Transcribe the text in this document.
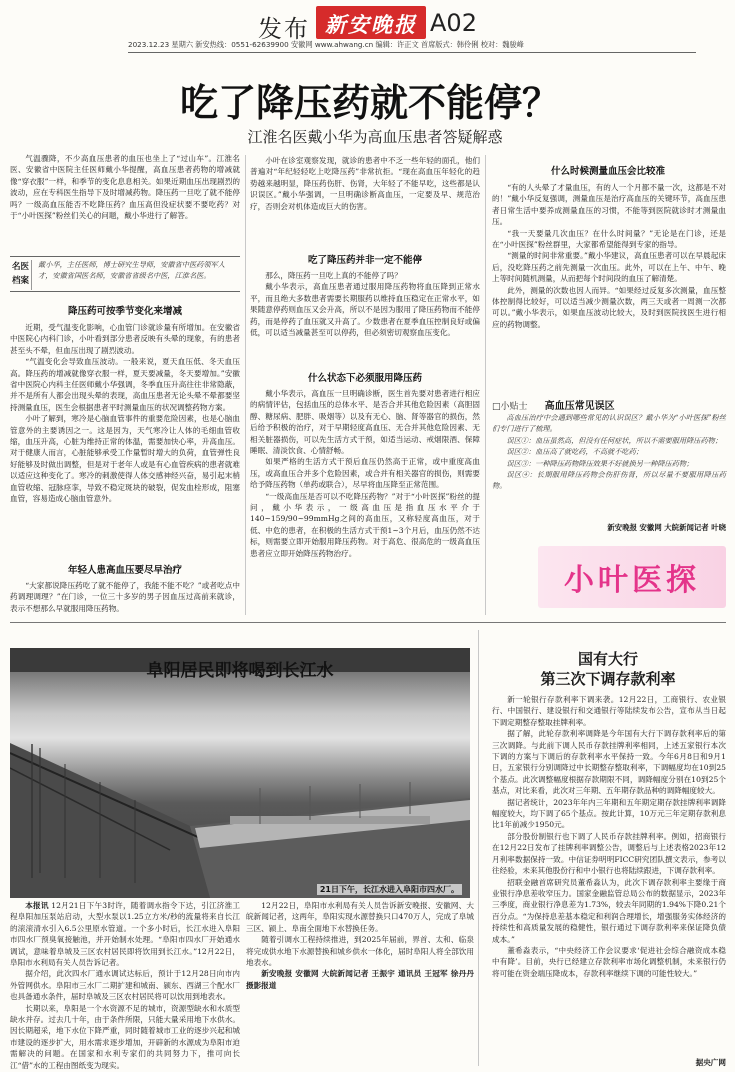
发布 新安晚报 A02
2023.12.23 星期六 新安热线：0551-62639900 安徽网 www.ahwang.cn 编辑：许正文 首席版式：韩伶俐 校对：魏骏峰
吃了降压药就不能停？
江淮名医戴小华为高血压患者答疑解惑

气温骤降，不少高血压患者的血压也坐上了“过山车”。江淮名医、安徽省中医院主任医师戴小华提醒，高血压患者药物的增减就像“穿衣服”一样，和季节的变化息息相关。如果近期血压出现剧烈的波动，应在专科医生指导下及时增减药物。降压药一旦吃了就不能停吗？一级高血压能否不吃降压药？血压高但没症状要不要吃药？对于“小叶医探”粉丝们关心的问题，戴小华进行了解答。

名医
档案
戴小华，主任医师，博士研究生导师，安徽省中医药领军人才，安徽省国医名师，安徽省省级名中医，江淮名医。
降压药可按季节变化来增减

近期，受气温变化影响，心血管门诊就诊量有所增加。在安徽省中医院心内科门诊，小叶看到部分患者反映有头晕的现象，有的患者甚至头不晕，但血压出现了剧烈波动。

“气温变化会导致血压波动。一般来说，夏天血压低、冬天血压高。降压药的增减就像穿衣服一样，夏天要减量，冬天要增加。”安徽省中医院心内科主任医师戴小华强调，冬季血压升高往往非常隐蔽，并不是所有人都会出现头晕的表现，高血压患者无论头晕不晕都要坚持测量血压，医生会根据患者平时测量血压的状况调整药物方案。

小叶了解到，寒冷是心脑血管事件的重要危险因素，也是心脑血管意外的主要诱因之一。这是因为，天气寒冷让人体的毛细血管收缩，血压升高，心脏为维持正常的体温，需要加快心率，升高血压。对于健康人而言，心脏能够承受工作量暂时增大的负荷，血管弹性良好能够及时做出调整，但是对于老年人或是有心血管疾病的患者就难以适应这种变化了。寒冷的刺激使得人体交感神经兴奋，易引起末梢血管收缩、冠脉痉挛，导致不稳定斑块的破裂，促发血栓形成，阻塞血管，容易造成心脑血管意外。

年轻人患高血压要尽早治疗

“大家都说降压药吃了就不能停了，我能不能不吃？”或者吃点中药调理调理？”在门诊，一位三十多岁的男子因血压过高前来就诊，表示不想那么早就服用降压药物。

小叶在诊室观察发现，就诊的患者中不乏一些年轻的面孔，他们普遍对“年纪轻轻吃上吃降压药”非常抗拒。“现在高血压年轻化的趋势越来越明显，降压药伤肝、伤肾，大年轻了不能早吃，这些都是认识误区。”戴小华强调，一旦明确诊断高血压，一定要及早、规范治疗，否则会对机体造成巨大的伤害。

吃了降压药并非一定不能停

那么，降压药一旦吃上真的不能停了吗？

戴小华表示，高血压患者通过服用降压药物将血压降到正常水平，而且绝大多数患者需要长期服药以维持血压稳定在正常水平，如果随意停药则血压又会升高，所以不是因为服用了降压药物而不能停药，而是停药了血压就又升高了。少数患者在夏季血压控制良好或偏低，可以适当减量甚至可以停药，但必须密切观察血压变化。

什么状态下必须服用降压药

戴小华表示，高血压一旦明确诊断，医生首先要对患者进行相应的病情评估，包括血压的总体水平、是否合并其他危险因素（高胆固醇、糖尿病、肥胖、吸烟等）以及有无心、脑、肾等器官的损伤，然后给予积极的治疗，对于早期轻度高血压、无合并其他危险因素、无相关脏器损伤，可以先生活方式干预，如适当运动、戒烟限酒、保障睡眠、清淡饮食、心情舒畅。

如果严格的生活方式干预后血压仍然高于正常，或中重度高血压，或高血压合并多个危险因素，或合并有相关器官的损伤，则需要给予降压药物（单药或联合），尽早将血压降至正常范围。

“一级高血压是否可以不吃降压药物？”对于“小叶医探”粉丝的提问，戴小华表示，一级高血压是指血压水平介于140~159/90~99mmHg之间的高血压，又称轻度高血压，对于低、中危的患者，在积极的生活方式干预1~3个月后，血压仍然不达标，则需要立即开始服用降压药物。对于高危、很高危的一级高血压患者应立即开始降压药物治疗。

什么时候测量血压会比较准

“有的人头晕了才量血压，有的人一个月都不量一次，这都是不对的！”戴小华反复强调，测量血压是治疗高血压的关键环节，高血压患者日常生活中要养成测量血压的习惯，不能等到医院就诊时才测量血压。

“我一天要量几次血压？在什么时间量？”无论是在门诊，还是在“小叶医探”粉丝群里，大家都希望能得到专家的指导。

“测量的时间非常重要。”戴小华建议，高血压患者可以在早晨起床后，没吃降压药之前先测量一次血压。此外，可以在上午、中午、晚上等时间随机测量，从而把每个时间段的血压了解清楚。

此外，测量的次数也因人而异。“如果经过反复多次测量，血压整体控制得比较好，可以适当减少测量次数，两三天或者一周测一次都可以。”戴小华表示，如果血压波动比较大，及时到医院找医生进行相应的药物调整。

□小贴士 高血压常见误区

高血压治疗中会遇到哪些常见的认识误区？戴小华为“小叶医探”粉丝们专门进行了梳理。

误区①：血压虽然高，但没有任何症状，所以不需要服用降压药物；

误区②：血压高了就吃药，不高就不吃药；

误区③：一种降压药物降压效果不好就换另一种降压药物；

误区④：长期服用降压药物会伤肝伤肾，所以尽量不要服用降压药物。

新安晚报 安徽网 大皖新闻记者 叶晓
小叶医探
阜阳居民即将喝到长江水
21日下午，长江水进入阜阳市四水厂。

本报讯 12月21日下午3时许，随着调水指令下达，引江济淮工程阜阳加压泵站启动，大型水泵以1.25立方米/秒的流量将来自长江的滚滚清水引入6.5公里原水管道。一个多小时后，长江水进入阜阳市四水厂预臭氧接触池，并开始制水处理。“阜阳市四水厂开始通水调试，意味着阜城及三区农村居民即将饮用到长江水。”12月22日，阜阳市水利局有关人员告诉记者。

据介绍，此次四水厂通水调试达标后，预计于12月28日向市内外管网供水。阜阳市三水厂二期扩建和城南、颍东、西湖三个配水厂也具备通水条件，届时阜城及三区农村居民将可以饮用到地表水。

长期以来，阜阳是一个水资源不足的城市，资源型缺水和水质型缺水并存。过去几十年，由于条件所限，只能大量采用地下水供水。因长期超采，地下水位下降严重，同时随着城市工业的逐步兴起和城市建设的逐步扩大，用水需求逐步增加，开辟新的水源成为阜阳市迫需解决的问题。在国家和水利专家们的共同努力下，推可向长江“借”水的工程由图纸变为现实。

12月22日，阜阳市水利局有关人员告诉新安晚报、安徽网、大皖新闻记者，这两年，阜阳实现水源替换只口470万人，完成了阜城三区、颍上、阜南全面地下水替换任务。

随着引调水工程持续推进，到2025年届前，界首、太和、临泉将完成供水地下水源替换和城乡供水一体化，届时阜阳人将全部饮用地表水。

新安晚报 安徽网 大皖新闻记者 王振宇 通讯员 王冠军 徐丹丹 摄影报道

国有大行
第三次下调存款利率

新一轮银行存款利率下调来袭。12月22日，工商银行、农业银行、中国银行、建设银行和交通银行等陆续发布公告，宣布从当日起下调定期整存整取挂牌利率。

据了解，此轮存款利率调降是今年国有大行下调存款利率后的第三次调降。与此前下调人民币存款挂牌利率相同，上述五家银行本次下调的方案与下调后的存款利率水平保持一致。今年6月8日和9月1日，五家银行分别调降过中长期整存整取利率，下调幅度均在10到25个基点。此次调整幅度根据存款期限不同，调降幅度分别在10到25个基点，对比来看，此次对三年期、五年期存款品种的调降幅度较大。

据记者统计，2023年年内三年期和五年期定期存款挂牌利率调降幅度较大，均下调了65个基点。按此计算，10万元三年定期存款利息比1年前减少1950元。

部分股份制银行也下调了人民币存款挂牌利率。例如，招商银行在12月22日发布了挂牌利率调整公告，调整后与上述表格2023年12月利率数据保持一致。中信证券明明FICC研究团队撰文表示，参考以往经验，未来其他股份行和中小银行也将陆续跟进，下调存款利率。

招联金融首席研究员董希淼认为，此次下调存款利率主要缘于商业银行净息差收窄压力。国家金融监管总局公布的数据显示，2023年三季度，商业银行净息差为1.73%，较去年同期的1.94%下降0.21个百分点。“为保持息差基本稳定和利润合理增长，增强服务实体经济的持续性和高质量发展的稳健性，银行通过下调存款利率来保证降负债成本。”

董希淼表示，“中央经济工作会议要求‘促进社会综合融资成本稳中有降’。目前，央行已经建立存款利率市场化调整机制，未来银行仍将可能在资金端压降成本，存款利率继续下调的可能性较大。”

据央广网
